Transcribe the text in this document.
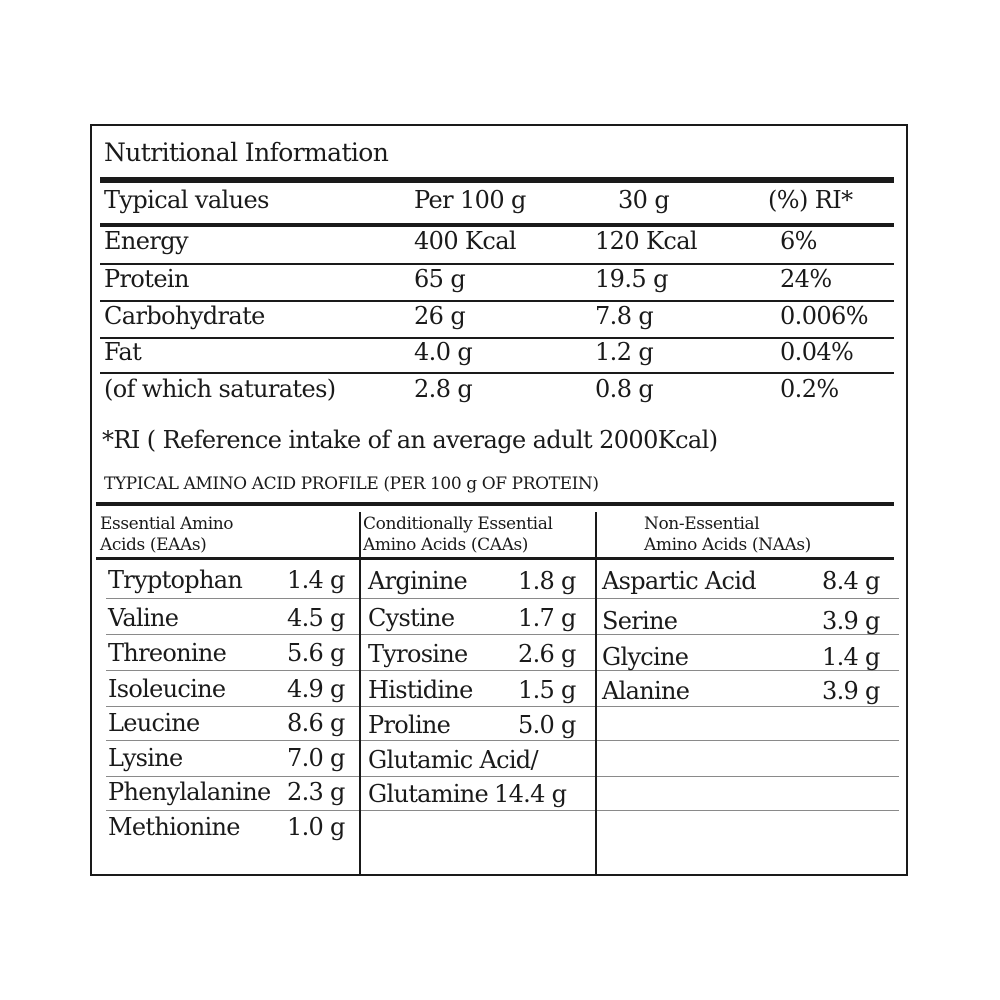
Nutritional Information
Typical values	Per 100 g	30 g	(%) RI*
Energy	400 Kcal	120 Kcal	6%
Protein	65 g	19.5 g	24%
Carbohydrate	26 g	7.8 g	0.006%
Fat	4.0 g	1.2 g	0.04%
(of which saturates)	2.8 g	0.8 g	0.2%
*RI ( Reference intake of an average adult 2000Kcal)
TYPICAL AMINO ACID PROFILE (PER 100 g OF PROTEIN)
Essential Amino
Acids (EAAs)
Conditionally Essential
Amino Acids (CAAs)
Non-Essential
Amino Acids (NAAs)
Tryptophan 1.4 g
Valine	4.5 g
Threonine	5.6 g
Isoleucine	4.9 g
Leucine	8.6 g
Lysine	7.0 g
Phenylalanine 2.3 g
Methionine 1.0 g
Arginine 1.8 g
Cystine	1.7 g
Tyrosine 2.6 g
Histidine 1.5 g
Proline	5.0 g
Glutamic Acid/
Glutamine 14.4 g
Aspartic Acid	8.4 g
Serine	3.9 g
Glycine	1.4 g
Alanine	3.9 g
